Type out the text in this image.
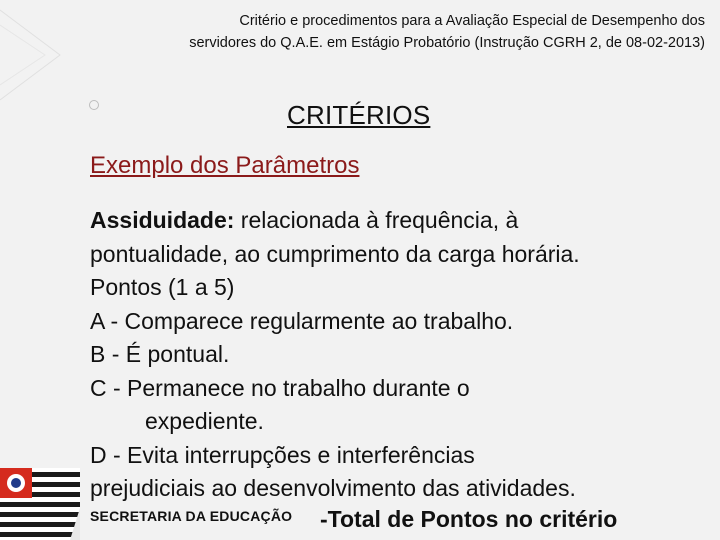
Critério e procedimentos para a Avaliação Especial de Desempenho dos
servidores do Q.A.E. em Estágio Probatório (Instrução CGRH 2, de 08-02-2013)
CRITÉRIOS
Exemplo dos Parâmetros
Assiduidade: relacionada à frequência, à
pontualidade, ao cumprimento da carga horária.
Pontos (1 a 5)
A - Comparece regularmente ao trabalho.
B - É pontual.
C - Permanece no trabalho durante o
expediente.
D - Evita interrupções e interferências
prejudiciais ao desenvolvimento das atividades.
SECRETARIA DA EDUCAÇÃO -Total de Pontos no critério
